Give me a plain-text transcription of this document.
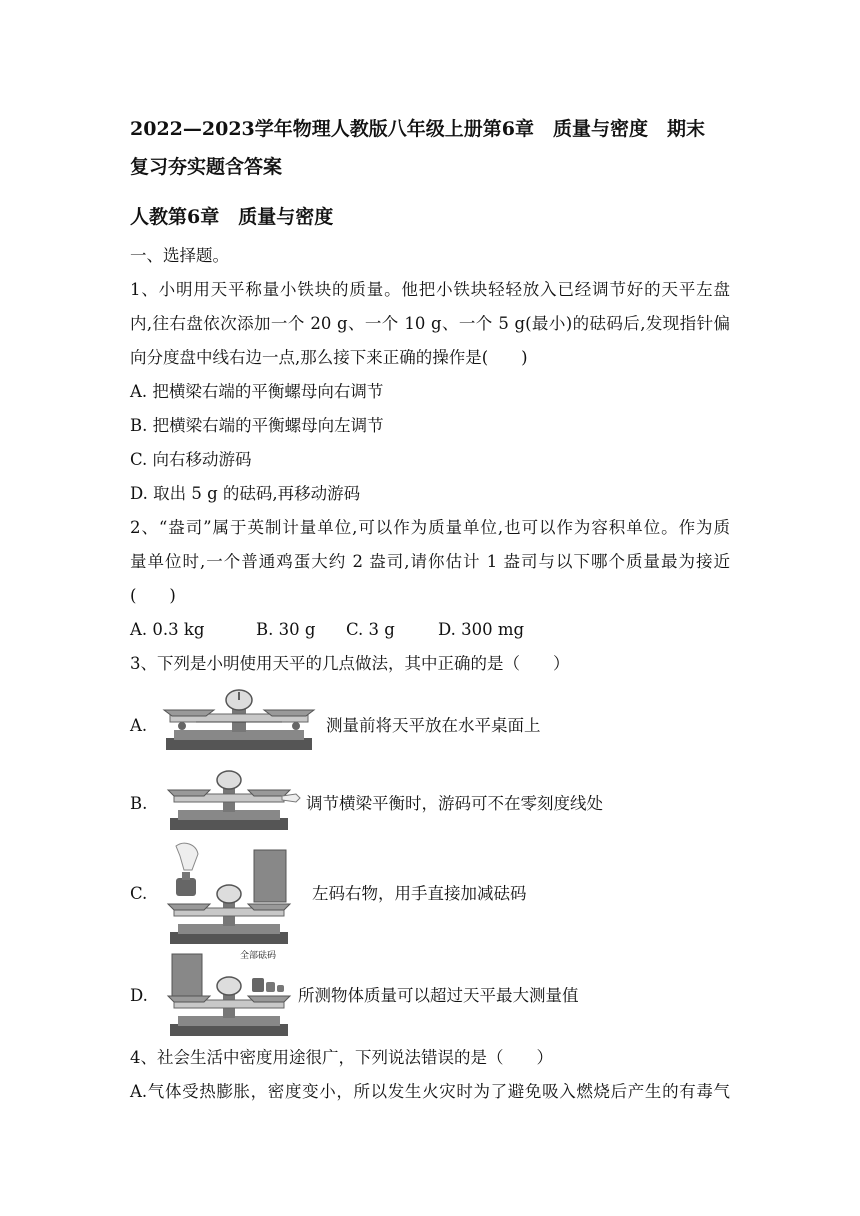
2022—2023学年物理人教版八年级上册第6章　质量与密度　期末
复习夯实题含答案
人教第6章　质量与密度
一、选择题。
1、小明用天平称量小铁块的质量。他把小铁块轻轻放入已经调节好的天平左盘
内,往右盘依次添加一个 20 g、一个 10 g、一个 5 g(最小)的砝码后,发现指针偏
向分度盘中线右边一点,那么接下来正确的操作是(　　)
A. 把横梁右端的平衡螺母向右调节
B. 把横梁右端的平衡螺母向左调节
C. 向右移动游码
D. 取出 5 g 的砝码,再移动游码
2、“盎司”属于英制计量单位,可以作为质量单位,也可以作为容积单位。作为质
量单位时,一个普通鸡蛋大约 2 盎司,请你估计 1 盎司与以下哪个质量最为接近
(　　)
A. 0.3 kg	B. 30 g C. 3 g	D. 300 mg
3、下列是小明使用天平的几点做法，其中正确的是（　　）
A.	测量前将天平放在水平桌面上
B.	调节横梁平衡时，游码可不在零刻度线处
C.	左码右物，用手直接加减砝码
D.
全部砝码
所测物体质量可以超过天平最大测量值
4、社会生活中密度用途很广，下列说法错误的是（　　）
A.气体受热膨胀，密度变小，所以发生火灾时为了避免吸入燃烧后产生的有毒气
